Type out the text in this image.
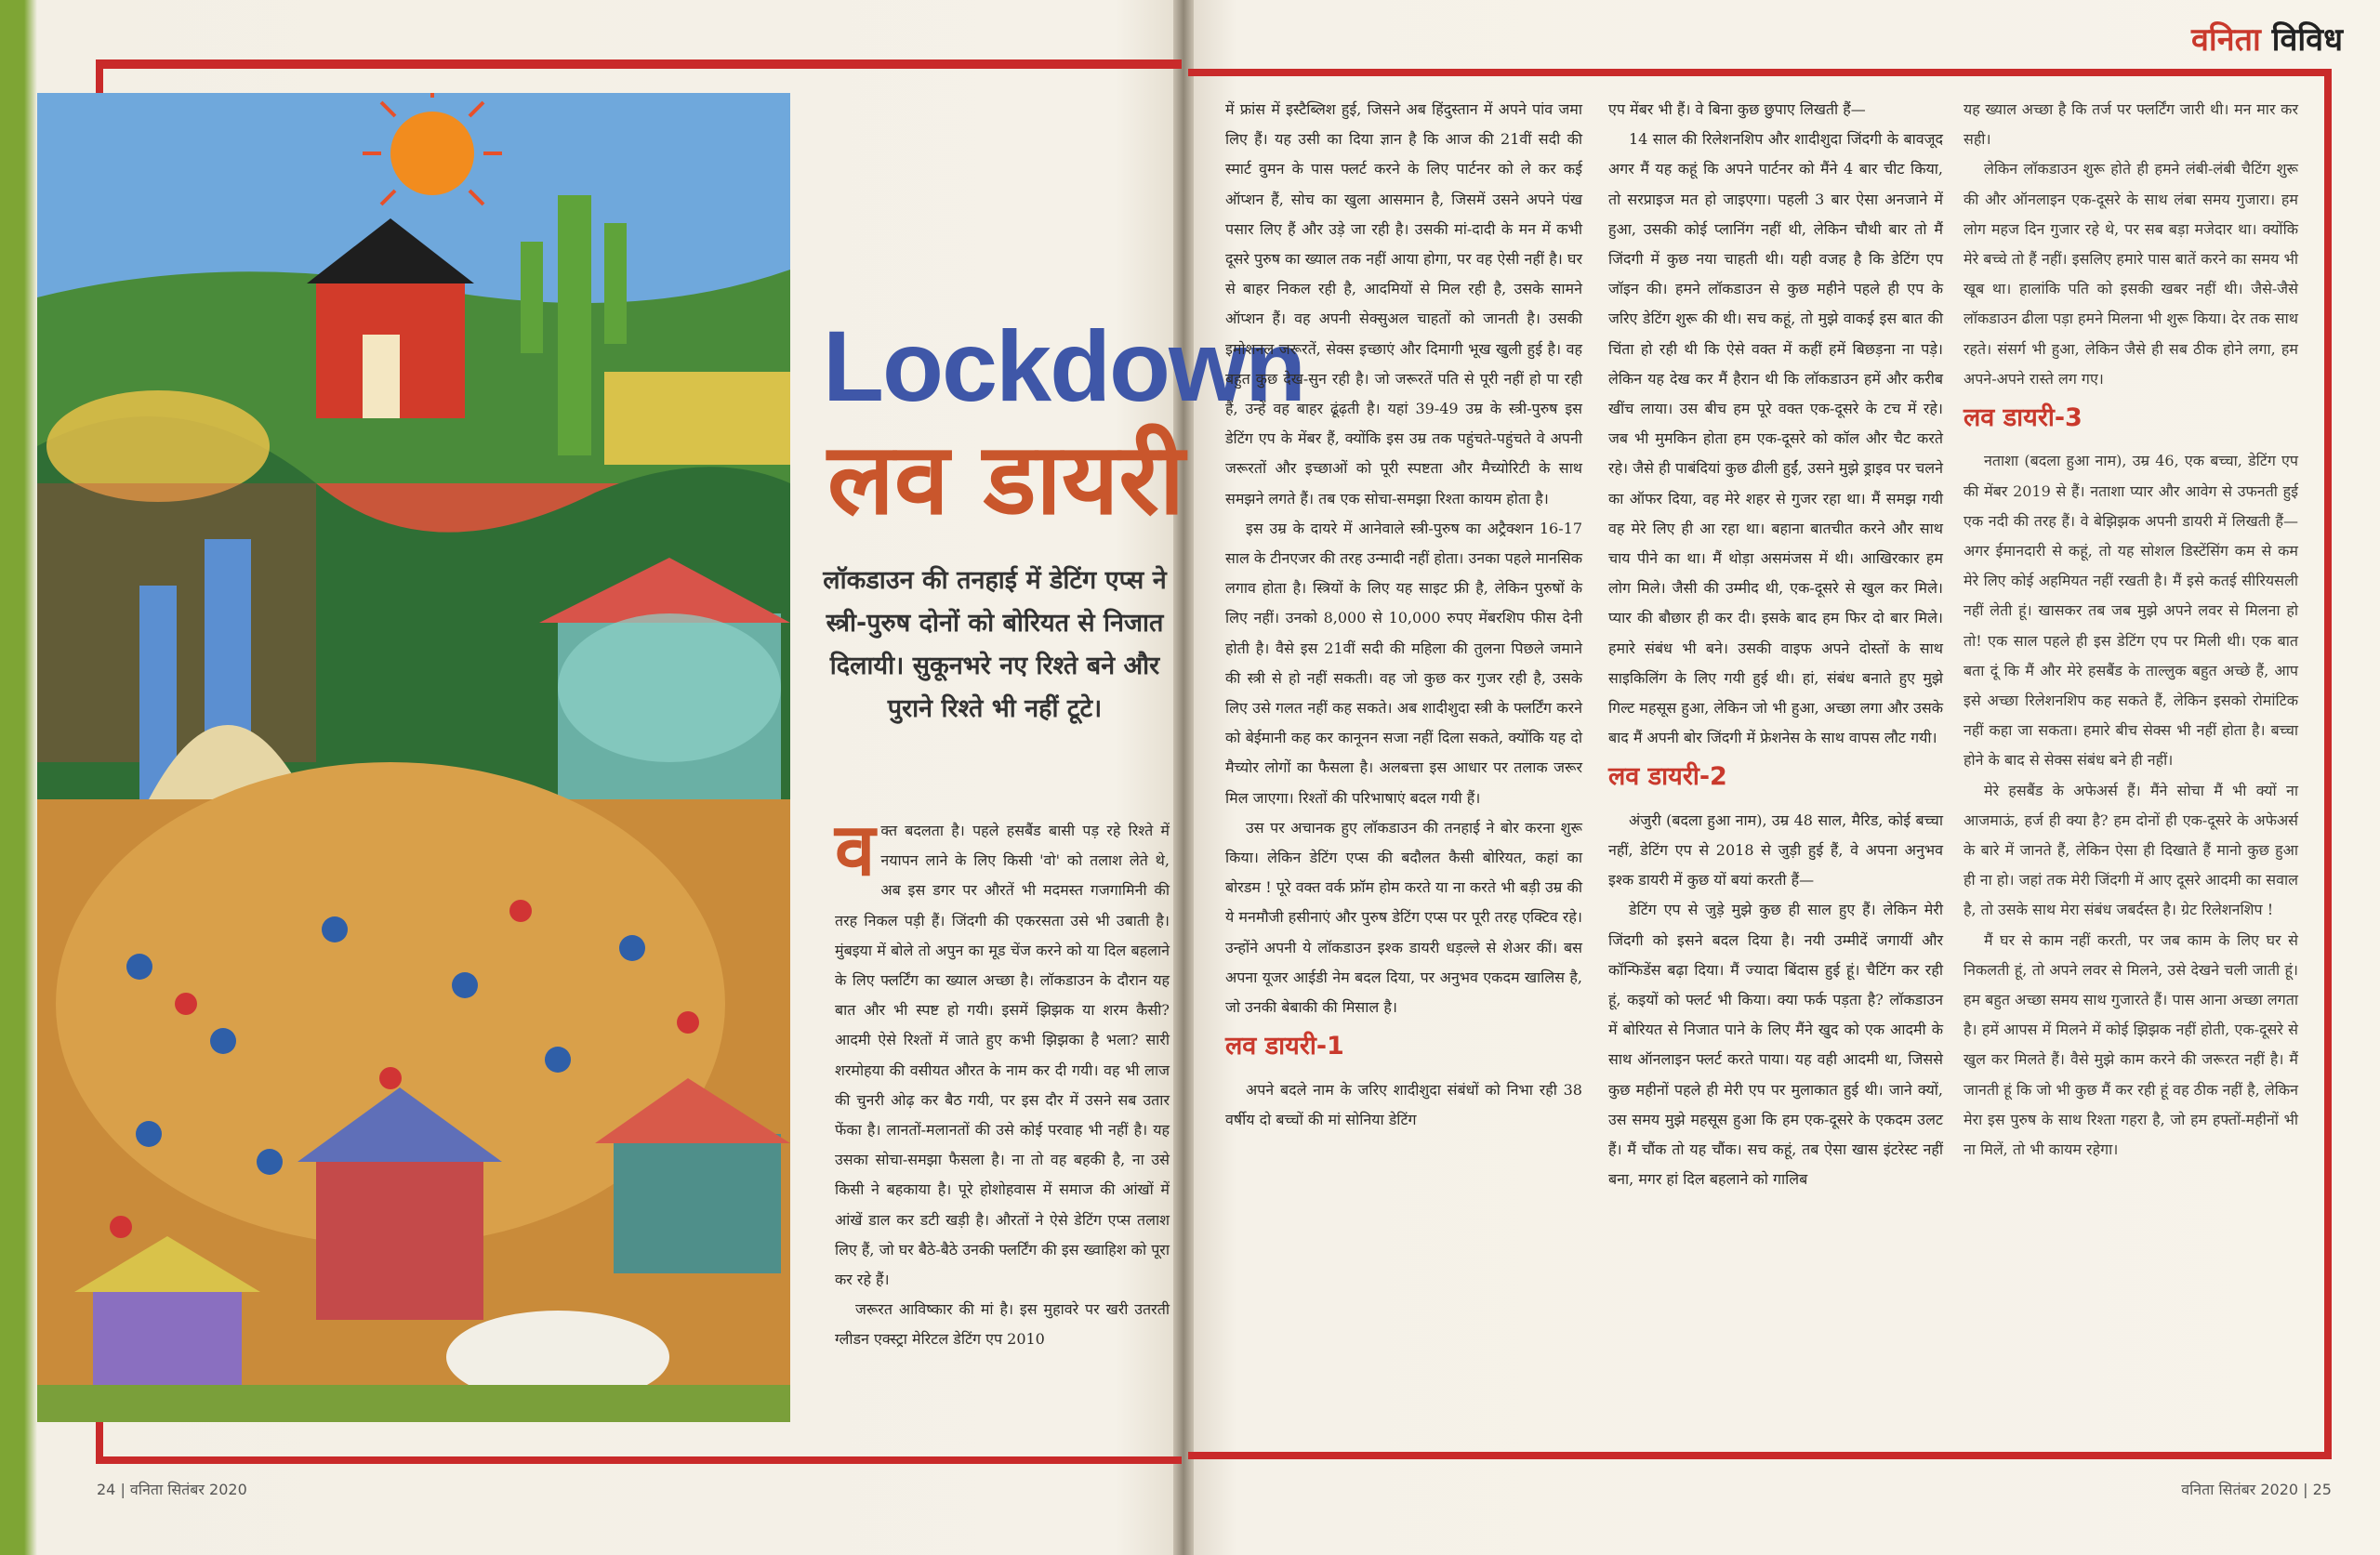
Lockdown
लव डायरी

लॉकडाउन की तनहाई में डेटिंग एप्स ने स्त्री-पुरुष दोनों को बोरियत से निजात दिलायी। सुकूनभरे नए रिश्ते बने और पुराने रिश्ते भी नहीं टूटे।

व क्त बदलता है। पहले हसबैंड बासी पड़ रहे रिश्ते में नयापन लाने के लिए किसी 'वो' को तलाश लेते थे, अब इस डगर पर औरतें भी मदमस्त गजगामिनी की तरह निकल पड़ी हैं। जिंदगी की एकरसता उसे भी उबाती है। मुंबइया में बोले तो अपुन का मूड चेंज करने को या दिल बहलाने के लिए फ्लर्टिंग का ख्याल अच्छा है। लॉकडाउन के दौरान यह बात और भी स्पष्ट हो गयी। इसमें झिझक या शरम कैसी? आदमी ऐसे रिश्तों में जाते हुए कभी झिझका है भला? सारी शरमोहया की वसीयत औरत के नाम कर दी गयी। वह भी लाज की चुनरी ओढ़ कर बैठ गयी, पर इस दौर में उसने सब उतार फेंका है। लानतों-मलानतों की उसे कोई परवाह भी नहीं है। यह उसका सोचा-समझा फैसला है। ना तो वह बहकी है, ना उसे किसी ने बहकाया है। पूरे होशोहवास में समाज की आंखों में आंखें डाल कर डटी खड़ी है। औरतों ने ऐसे डेटिंग एप्स तलाश लिए हैं, जो घर बैठे-बैठे उनकी फ्लर्टिंग की इस ख्वाहिश को पूरा कर रहे हैं।

जरूरत आविष्कार की मां है। इस मुहावरे पर खरी उतरती ग्लीडन एक्स्ट्रा मेरिटल डेटिंग एप 2010

में फ्रांस में इस्टैब्लिश हुई, जिसने अब हिंदुस्तान में अपने पांव जमा लिए हैं। यह उसी का दिया ज्ञान है कि आज की 21वीं सदी की स्मार्ट वुमन के पास फ्लर्ट करने के लिए पार्टनर को ले कर कई ऑप्शन हैं, सोच का खुला आसमान है, जिसमें उसने अपने पंख पसार लिए हैं और उड़े जा रही है। उसकी मां-दादी के मन में कभी दूसरे पुरुष का ख्याल तक नहीं आया होगा, पर वह ऐसी नहीं है। घर से बाहर निकल रही है, आदमियों से मिल रही है, उसके सामने ऑप्शन हैं। वह अपनी सेक्सुअल चाहतों को जानती है। उसकी इमोशनल जरूरतें, सेक्स इच्छाएं और दिमागी भूख खुली हुई है। वह बहुत कुछ देख-सुन रही है। जो जरूरतें पति से पूरी नहीं हो पा रही हैं, उन्हें वह बाहर ढूंढ़ती है। यहां 39-49 उम्र के स्त्री-पुरुष इस डेटिंग एप के मेंबर हैं, क्योंकि इस उम्र तक पहुंचते-पहुंचते वे अपनी जरूरतों और इच्छाओं को पूरी स्पष्टता और मैच्योरिटी के साथ समझने लगते हैं। तब एक सोचा-समझा रिश्ता कायम होता है।

इस उम्र के दायरे में आनेवाले स्त्री-पुरुष का अट्रैक्शन 16-17 साल के टीनएजर की तरह उन्मादी नहीं होता। उनका पहले मानसिक लगाव होता है। स्त्रियों के लिए यह साइट फ्री है, लेकिन पुरुषों के लिए नहीं। उनको 8,000 से 10,000 रुपए मेंबरशिप फीस देनी होती है। वैसे इस 21वीं सदी की महिला की तुलना पिछले जमाने की स्त्री से हो नहीं सकती। वह जो कुछ कर गुजर रही है, उसके लिए उसे गलत नहीं कह सकते। अब शादीशुदा स्त्री के फ्लर्टिंग करने को बेईमानी कह कर कानूनन सजा नहीं दिला सकते, क्योंकि यह दो मैच्योर लोगों का फैसला है। अलबत्ता इस आधार पर तलाक जरूर मिल जाएगा। रिश्तों की परिभाषाएं बदल गयी हैं।

उस पर अचानक हुए लॉकडाउन की तनहाई ने बोर करना शुरू किया। लेकिन डेटिंग एप्स की बदौलत कैसी बोरियत, कहां का बोरडम ! पूरे वक्त वर्क फ्रॉम होम करते या ना करते भी बड़ी उम्र की ये मनमौजी हसीनाएं और पुरुष डेटिंग एप्स पर पूरी तरह एक्टिव रहे। उन्होंने अपनी ये लॉकडाउन इश्क डायरी धड़ल्ले से शेअर कीं। बस अपना यूजर आईडी नेम बदल दिया, पर अनुभव एकदम खालिस है, जो उनकी बेबाकी की मिसाल है।

लव डायरी-1

अपने बदले नाम के जरिए शादीशुदा संबंधों को निभा रही 38 वर्षीय दो बच्चों की मां सोनिया डेटिंग

एप मेंबर भी हैं। वे बिना कुछ छुपाए लिखती हैं—

14 साल की रिलेशनशिप और शादीशुदा जिंदगी के बावजूद अगर मैं यह कहूं कि अपने पार्टनर को मैंने 4 बार चीट किया, तो सरप्राइज मत हो जाइएगा। पहली 3 बार ऐसा अनजाने में हुआ, उसकी कोई प्लानिंग नहीं थी, लेकिन चौथी बार तो मैं जिंदगी में कुछ नया चाहती थी। यही वजह है कि डेटिंग एप जॉइन की। हमने लॉकडाउन से कुछ महीने पहले ही एप के जरिए डेटिंग शुरू की थी। सच कहूं, तो मुझे वाकई इस बात की चिंता हो रही थी कि ऐसे वक्त में कहीं हमें बिछड़ना ना पड़े। लेकिन यह देख कर मैं हैरान थी कि लॉकडाउन हमें और करीब खींच लाया। उस बीच हम पूरे वक्त एक-दूसरे के टच में रहे। जब भी मुमकिन होता हम एक-दूसरे को कॉल और चैट करते रहे। जैसे ही पाबंदियां कुछ ढीली हुईं, उसने मुझे ड्राइव पर चलने का ऑफर दिया, वह मेरे शहर से गुजर रहा था। मैं समझ गयी वह मेरे लिए ही आ रहा था। बहाना बातचीत करने और साथ चाय पीने का था। मैं थोड़ा असमंजस में थी। आखिरकार हम लोग मिले। जैसी की उम्मीद थी, एक-दूसरे से खुल कर मिले। प्यार की बौछार ही कर दी। इसके बाद हम फिर दो बार मिले। हमारे संबंध भी बने। उसकी वाइफ अपने दोस्तों के साथ साइकिलिंग के लिए गयी हुई थी। हां, संबंध बनाते हुए मुझे गिल्ट महसूस हुआ, लेकिन जो भी हुआ, अच्छा लगा और उसके बाद मैं अपनी बोर जिंदगी में फ्रेशनेस के साथ वापस लौट गयी।

लव डायरी-2

अंजुरी (बदला हुआ नाम), उम्र 48 साल, मैरिड, कोई बच्चा नहीं, डेटिंग एप से 2018 से जुड़ी हुई हैं, वे अपना अनुभव इश्क डायरी में कुछ यों बयां करती हैं—

डेटिंग एप से जुड़े मुझे कुछ ही साल हुए हैं। लेकिन मेरी जिंदगी को इसने बदल दिया है। नयी उम्मीदें जगायीं और कॉन्फिडेंस बढ़ा दिया। मैं ज्यादा बिंदास हुई हूं। चैटिंग कर रही हूं, कइयों को फ्लर्ट भी किया। क्या फर्क पड़ता है? लॉकडाउन में बोरियत से निजात पाने के लिए मैंने खुद को एक आदमी के साथ ऑनलाइन फ्लर्ट करते पाया। यह वही आदमी था, जिससे कुछ महीनों पहले ही मेरी एप पर मुलाकात हुई थी। जाने क्यों, उस समय मुझे महसूस हुआ कि हम एक-दूसरे के एकदम उलट हैं। मैं चौंक तो यह चौंक। सच कहूं, तब ऐसा खास इंटरेस्ट नहीं बना, मगर हां दिल बहलाने को गालिब

यह ख्याल अच्छा है कि तर्ज पर फ्लर्टिंग जारी थी। मन मार कर सही।

लेकिन लॉकडाउन शुरू होते ही हमने लंबी-लंबी चैटिंग शुरू की और ऑनलाइन एक-दूसरे के साथ लंबा समय गुजारा। हम लोग महज दिन गुजार रहे थे, पर सब बड़ा मजेदार था। क्योंकि मेरे बच्चे तो हैं नहीं। इसलिए हमारे पास बातें करने का समय भी खूब था। हालांकि पति को इसकी खबर नहीं थी। जैसे-जैसे लॉकडाउन ढीला पड़ा हमने मिलना भी शुरू किया। देर तक साथ रहते। संसर्ग भी हुआ, लेकिन जैसे ही सब ठीक होने लगा, हम अपने-अपने रास्ते लग गए।

लव डायरी-3

नताशा (बदला हुआ नाम), उम्र 46, एक बच्चा, डेटिंग एप की मेंबर 2019 से हैं। नताशा प्यार और आवेग से उफनती हुई एक नदी की तरह हैं। वे बेझिझक अपनी डायरी में लिखती हैं—अगर ईमानदारी से कहूं, तो यह सोशल डिस्टेंसिंग कम से कम मेरे लिए कोई अहमियत नहीं रखती है। मैं इसे कतई सीरियसली नहीं लेती हूं। खासकर तब जब मुझे अपने लवर से मिलना हो तो! एक साल पहले ही इस डेटिंग एप पर मिली थी। एक बात बता दूं कि मैं और मेरे हसबैंड के ताल्लुक बहुत अच्छे हैं, आप इसे अच्छा रिलेशनशिप कह सकते हैं, लेकिन इसको रोमांटिक नहीं कहा जा सकता। हमारे बीच सेक्स भी नहीं होता है। बच्चा होने के बाद से सेक्स संबंध बने ही नहीं।

मेरे हसबैंड के अफेअर्स हैं। मैंने सोचा मैं भी क्यों ना आजमाऊं, हर्ज ही क्या है? हम दोनों ही एक-दूसरे के अफेअर्स के बारे में जानते हैं, लेकिन ऐसा ही दिखाते हैं मानो कुछ हुआ ही ना हो। जहां तक मेरी जिंदगी में आए दूसरे आदमी का सवाल है, तो उसके साथ मेरा संबंध जबर्दस्त है। ग्रेट रिलेशनशिप !

मैं घर से काम नहीं करती, पर जब काम के लिए घर से निकलती हूं, तो अपने लवर से मिलने, उसे देखने चली जाती हूं। हम बहुत अच्छा समय साथ गुजारते हैं। पास आना अच्छा लगता है। हमें आपस में मिलने में कोई झिझक नहीं होती, एक-दूसरे से खुल कर मिलते हैं। वैसे मुझे काम करने की जरूरत नहीं है। मैं जानती हूं कि जो भी कुछ मैं कर रही हूं वह ठीक नहीं है, लेकिन मेरा इस पुरुष के साथ रिश्ता गहरा है, जो हम हफ्तों-महीनों भी ना मिलें, तो भी कायम रहेगा।

वनिता विविध

24 | वनिता सितंबर 2020	वनिता सितंबर 2020 | 25
